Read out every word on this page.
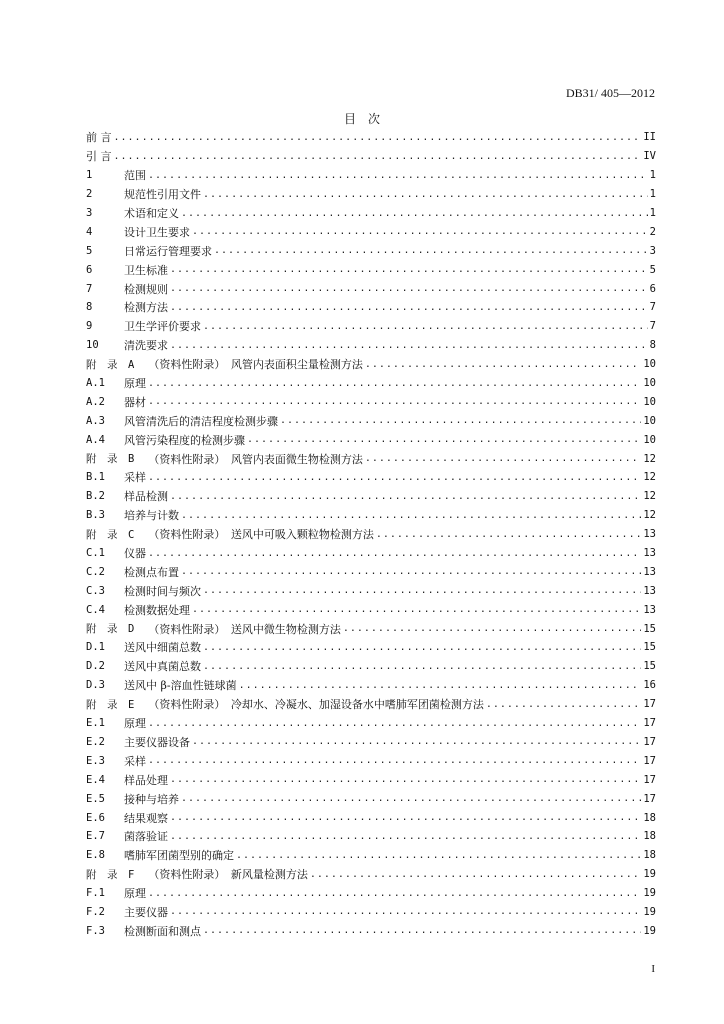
DB31/ 405—2012
目次
前 言 .....	II
引 言 .....	IV
1	范围 .....	1
2	规范性引用文件 .....	1
3	术语和定义 .....	1
4	设计卫生要求 .....	2
5	日常运行管理要求 .....	3
6	卫生标准 .....	5
7	检测规则 .....	6
8	检测方法 .....	7
9	卫生学评价要求 .....	7
10	清洗要求 .....	8
附　录　A （资料性附录）　风管内表面积尘量检测方法 .....	10
A.1	原理 .....	10
A.2	器材 .....	10
A.3	风管清洗后的清洁程度检测步骤 .....	10
A.4	风管污染程度的检测步骤 .....	10
附　录　B （资料性附录）　风管内表面微生物检测方法 .....	12
B.1	采样 .....	12
B.2	样品检测 .....	12
B.3	培养与计数 .....	12
附　录　C （资料性附录）　送风中可吸入颗粒物检测方法 .....	13
C.1	仪器 .....	13
C.2	检测点布置 .....	13
C.3	检测时间与频次 .....	13
C.4	检测数据处理 .....	13
附　录　D （资料性附录）　送风中微生物检测方法 .....	15
D.1	送风中细菌总数 .....	15
D.2	送风中真菌总数 .....	15
D.3	送风中 β-溶血性链球菌 .....	16
附　录　E （资料性附录）　冷却水、冷凝水、加湿设备水中嗜肺军团菌检测方法 .....	17
E.1	原理 .....	17
E.2	主要仪器设备 .....	17
E.3	采样 .....	17
E.4	样品处理 .....	17
E.5	接种与培养 .....	17
E.6	结果观察 .....	18
E.7	菌落验证 .....	18
E.8	嗜肺军团菌型别的确定 .....	18
附　录　F （资料性附录）　新风量检测方法 .....	19
F.1	原理 .....	19
F.2	主要仪器 .....	19
F.3	检测断面和测点 .....	19
I
